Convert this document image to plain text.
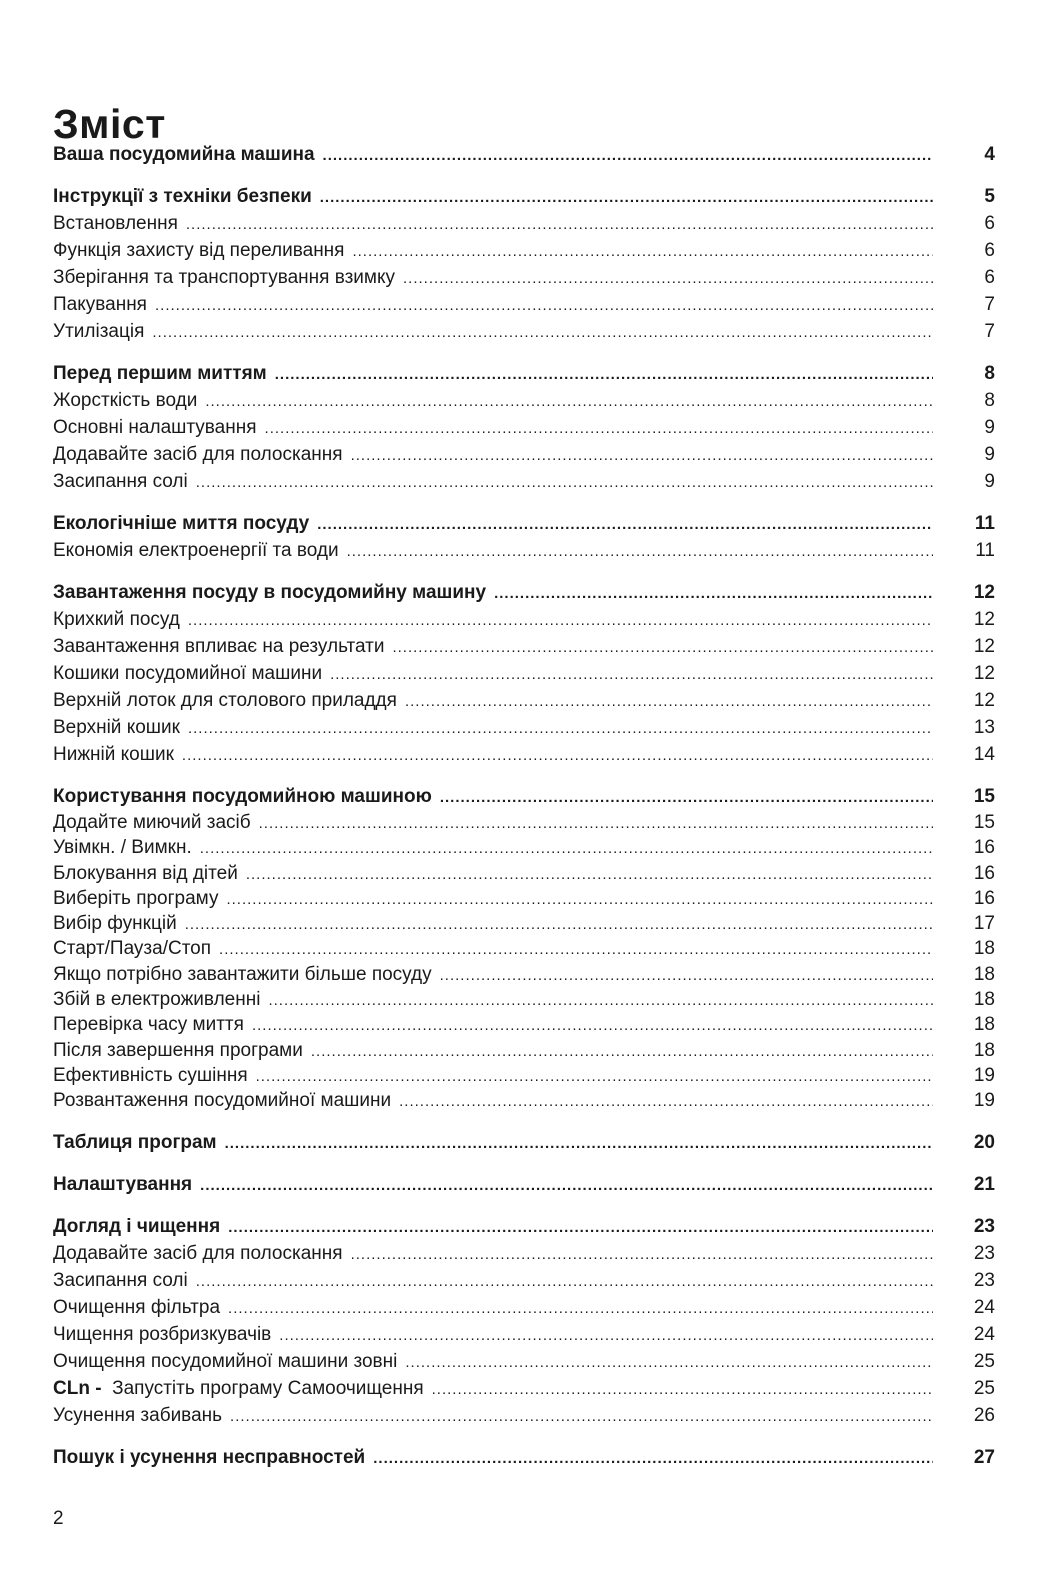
Зміст
Ваша посудомийна машина .....	4
Інструкції з техніки безпеки .....	5
Встановлення .....	6
Функція захисту від переливання .....	6
Зберігання та транспортування взимку .....	6
Пакування .....	7
Утилізація .....	7
Перед першим миттям .....	8
Жорсткість води .....	8
Основні налаштування .....	9
Додавайте засіб для полоскання .....	9
Засипання солі .....	9
Екологічніше миття посуду .....	11
Економія електроенергії та води .....	11
Завантаження посуду в посудомийну машину .....	12
Крихкий посуд .....	12
Завантаження впливає на результати .....	12
Кошики посудомийної машини .....	12
Верхній лоток для столового приладдя .....	12
Верхній кошик .....	13
Нижній кошик .....	14
Користування посудомийною машиною .....	15
Додайте миючий засіб .....	15
Увімкн. / Вимкн. .....	16
Блокування від дітей .....	16
Виберіть програму .....	16
Вибір функцій .....	17
Старт/Пауза/Стоп .....	18
Якщо потрібно завантажити більше посуду .....	18
Збій в електроживленні .....	18
Перевірка часу миття .....	18
Після завершення програми .....	18
Ефективність сушіння .....	19
Розвантаження посудомийної машини .....	19
Таблиця програм .....	20
Налаштування .....	21
Догляд і чищення .....	23
Додавайте засіб для полоскання .....	23
Засипання солі .....	23
Очищення фільтра .....	24
Чищення розбризкувачів .....	24
Очищення посудомийної машини зовні .....	25
CLn - Запустіть програму Самоочищення .....	25
Усунення забивань .....	26
Пошук і усунення несправностей .....	27
2
